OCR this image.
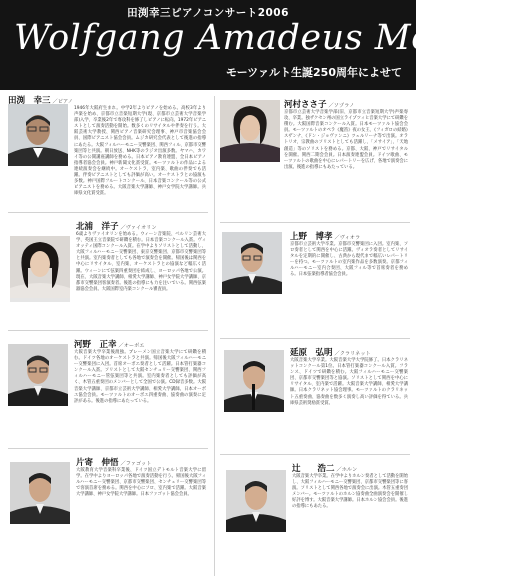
田渕幸三ピアノコンサート2006
Wolfgang Amadeus Mozart
モーツァルト生誕250周年によせて
田渕　幸三 ／ピアノ
1946年大阪府生まれ。中学2年よりピアノを始める。高校3年より声楽を始め、京都市立音楽短期大学(現、京都市立芸術大学音楽学部)入学、卒業後2年で専攻科を修了しピアノに転向。1972年ピアニストとして演奏活動を開始。数多くのリサイタルや伴奏を行う。大阪芸術大学教授、関西ピアノ音楽研究会理事、神戸市音楽協会会員、国際ピアニスト協会会員。ムジカ研究会代表として後進の指導にあたる。大阪フィルハーモニー交響楽団、関西フィル、京都市交響楽団等と共演。朝日放送、NHK等のラジオ出演多数。ヤマハ、カワイ等の公開講座講師を務める。日本ピアノ教育連盟、全日本ピアノ指導者協会会員。神戸新聞文化賞受賞。モーツァルトの作品による連続演奏会を継続中。オーケストラ、室内楽、歌曲の伴奏でも活躍。伴奏ピアニストとしても評価が高い。オーケストラとの協演も多数。神戸国際フルートコンクール、日本音楽コンクール等の公式ピアニストを務める。大阪音楽大学講師、神戸女学院大学講師。兵庫県文化賞受賞。
河村ささ子 ／ソプラノ
京都市立芸術大学音楽学部(旧、京都市立音楽短期大学)声楽専攻、卒業。独ザクセン州の国立ライプツィヒ音楽大学にて研鑽を積む。大阪国際音楽コンクール入賞。日本モーツァルト協会会員。モーツァルトのオペラ《魔笛》夜の女王、《フィガロの結婚》スザンナ、《ドン・ジョヴァンニ》ツェルリーナ等で出演。オラトリオ、宗教曲のソリストとしても活躍し、「メサイア」、「天地創造」等のソリストを務める。京都、大阪、神戸でリサイタルを開催。関西二期会会員。日本演奏連盟会員。ドイツ歌曲、モーツァルトの歌曲を中心にレパートリーを広げ、各地で演奏会に出演。後進の指導にもあたっている。
北浦　洋子 ／ヴァイオリン
6歳よりヴァイオリンを始める。ウィーン音楽院、ベルリン芸術大学、英国王立音楽院で研鑽を積む。日本音楽コンクール入賞。ヴィオッティ国際コンクール入賞。在学中よりソリストとして活動し、大阪フィルハーモニー交響楽団、東京交響楽団、京都市交響楽団等と共演。室内楽奏者としても各地で演奏会を開催。帰国後は関西を中心にリサイタル、室内楽、オーケストラとの協演など幅広く活躍。ウィーンにて弦楽四重奏団を結成し、ヨーロッパ各地で公演。現在、大阪音楽大学講師、相愛大学講師、神戸女学院大学講師、京都市交響楽団客演奏者。後進の指導にも力を注いでいる。関西弦楽器協会会員。大阪国際室内楽コンクール審査員。
上野　博孝 ／ヴィオラ
京都市立芸術大学卒業。京都市交響楽団に入団。室内楽、ソロ奏者として関西を中心に活躍。ヴィオラ奏者としてリサイタルを定期的に開催し、古典から現代まで幅広いレパートリーを持つ。モーツァルトの室内楽作品を多数演奏。京都フィルハーモニー室内合奏団、大阪フィル等で首席奏者を務める。日本弦楽指導者協会会員。
河野　正幸 ／オーボエ
大阪音楽大学卒業後渡独。ブレーメン国立音楽大学にて研鑽を積む。ドイツ各地のオーケストラと共演。帰国後大阪フィルハーモニー交響楽団に入団。首席オーボエ奏者として活躍。日本管打楽器コンクール入賞。ソリストとして大阪センチュリー交響楽団、関西フィルハーモニー管弦楽団等と共演。室内楽奏者としても評価が高く、木管五重奏団のメンバーとして全国で公演。CD録音多数。大阪音楽大学講師、京都市立芸術大学講師、相愛大学講師。日本オーボエ協会会員。モーツァルトのオーボエ四重奏曲、協奏曲の演奏に定評がある。後進の指導にあたっている。
延原　弘明 ／クラリネット
大阪音楽大学卒業。大阪音楽大学大学院修了。日本クラリネットコンクール第1位。日本管打楽器コンクール入賞。フランス、ドイツで研鑽を積む。大阪フィルハーモニー交響楽団、京都市交響楽団等と協演。ソリストとして関西を中心にリサイタル、室内楽で活躍。大阪音楽大学講師、相愛大学講師。日本クラリネット協会理事。モーツァルトのクラリネット五重奏曲、協奏曲を数多く演奏し高い評価を得ている。兵庫県芸術奨励賞受賞。
片寄　伸悟 ／ファゴット
大阪教育大学音楽科卒業後、ドイツ国立デトモルト音楽大学に留学。在学中よりヨーロッパ各地で演奏活動を行う。帰国後大阪フィルハーモニー交響楽団、京都市交響楽団、センチュリー交響楽団等で客演首席を務める。関西を中心にソロ、室内楽で活躍。大阪音楽大学講師、神戸女学院大学講師。日本ファゴット協会会員。
辻　　浩二 ／ホルン
大阪音楽大学卒業。在学中よりホルン奏者として活動を開始し、大阪フィルハーモニー交響楽団、京都市交響楽団等に客演。ソリストとして関西各地で演奏会に出演。木管五重奏団メンバー。モーツァルトのホルン協奏曲全曲演奏会を開催し好評を博す。大阪音楽大学講師。日本ホルン協会会員。後進の指導にもあたる。
